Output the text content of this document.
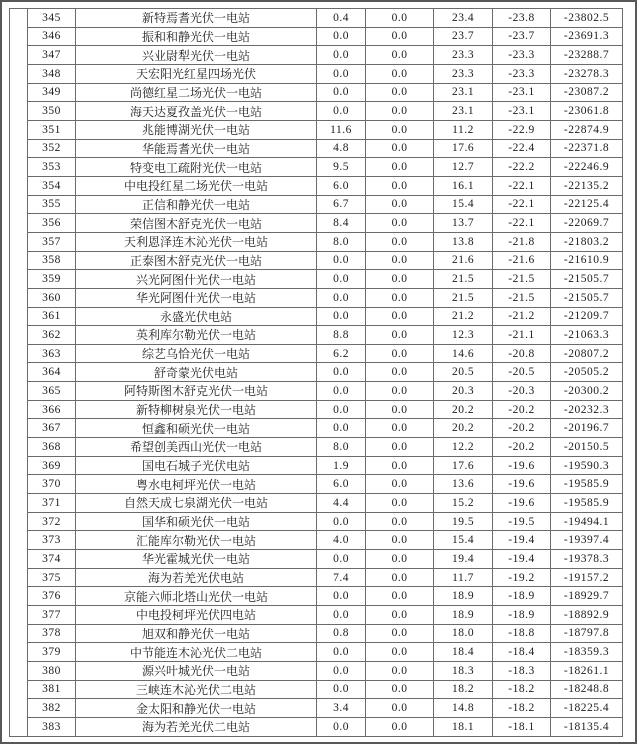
	345	新特焉耆光伏一电站	0.4	0.0	23.4	-23.8	-23802.5
	346	振和和静光伏一电站	0.0	0.0	23.7	-23.7	-23691.3
	347	兴业尉犁光伏一电站	0.0	0.0	23.3	-23.3	-23288.7
	348	天宏阳光红星四场光伏	0.0	0.0	23.3	-23.3	-23278.3
	349	尚德红星二场光伏一电站	0.0	0.0	23.1	-23.1	-23087.2
	350	海天达夏孜盖光伏一电站	0.0	0.0	23.1	-23.1	-23061.8
	351	兆能博湖光伏一电站	11.6	0.0	11.2	-22.9	-22874.9
	352	华能焉耆光伏一电站	4.8	0.0	17.6	-22.4	-22371.8
	353	特变电工疏附光伏一电站	9.5	0.0	12.7	-22.2	-22246.9
	354	中电投红星二场光伏一电站	6.0	0.0	16.1	-22.1	-22135.2
	355	正信和静光伏一电站	6.7	0.0	15.4	-22.1	-22125.4
	356	荣信图木舒克光伏一电站	8.4	0.0	13.7	-22.1	-22069.7
	357	天利恩泽连木沁光伏一电站	8.0	0.0	13.8	-21.8	-21803.2
	358	正泰图木舒克光伏一电站	0.0	0.0	21.6	-21.6	-21610.9
	359	兴光阿图什光伏一电站	0.0	0.0	21.5	-21.5	-21505.7
	360	华光阿图什光伏一电站	0.0	0.0	21.5	-21.5	-21505.7
	361	永盛光伏电站	0.0	0.0	21.2	-21.2	-21209.7
	362	英利库尔勒光伏一电站	8.8	0.0	12.3	-21.1	-21063.3
	363	综艺乌恰光伏一电站	6.2	0.0	14.6	-20.8	-20807.2
	364	舒奇蒙光伏电站	0.0	0.0	20.5	-20.5	-20505.2
	365	阿特斯图木舒克光伏一电站	0.0	0.0	20.3	-20.3	-20300.2
	366	新特柳树泉光伏一电站	0.0	0.0	20.2	-20.2	-20232.3
	367	恒鑫和硕光伏一电站	0.0	0.0	20.2	-20.2	-20196.7
	368	希望创美西山光伏一电站	8.0	0.0	12.2	-20.2	-20150.5
	369	国电石城子光伏电站	1.9	0.0	17.6	-19.6	-19590.3
	370	粤水电柯坪光伏一电站	6.0	0.0	13.6	-19.6	-19585.9
	371	自然天成七泉湖光伏一电站	4.4	0.0	15.2	-19.6	-19585.9
	372	国华和硕光伏一电站	0.0	0.0	19.5	-19.5	-19494.1
	373	汇能库尔勒光伏一电站	4.0	0.0	15.4	-19.4	-19397.4
	374	华光霍城光伏一电站	0.0	0.0	19.4	-19.4	-19378.3
	375	海为若羌光伏电站	7.4	0.0	11.7	-19.2	-19157.2
	376	京能六师北塔山光伏一电站	0.0	0.0	18.9	-18.9	-18929.7
	377	中电投柯坪光伏四电站	0.0	0.0	18.9	-18.9	-18892.9
	378	旭双和静光伏一电站	0.8	0.0	18.0	-18.8	-18797.8
	379	中节能连木沁光伏二电站	0.0	0.0	18.4	-18.4	-18359.3
	380	源兴叶城光伏一电站	0.0	0.0	18.3	-18.3	-18261.1
	381	三峡连木沁光伏二电站	0.0	0.0	18.2	-18.2	-18248.8
	382	金太阳和静光伏一电站	3.4	0.0	14.8	-18.2	-18225.4
	383	海为若羌光伏二电站	0.0	0.0	18.1	-18.1	-18135.4
